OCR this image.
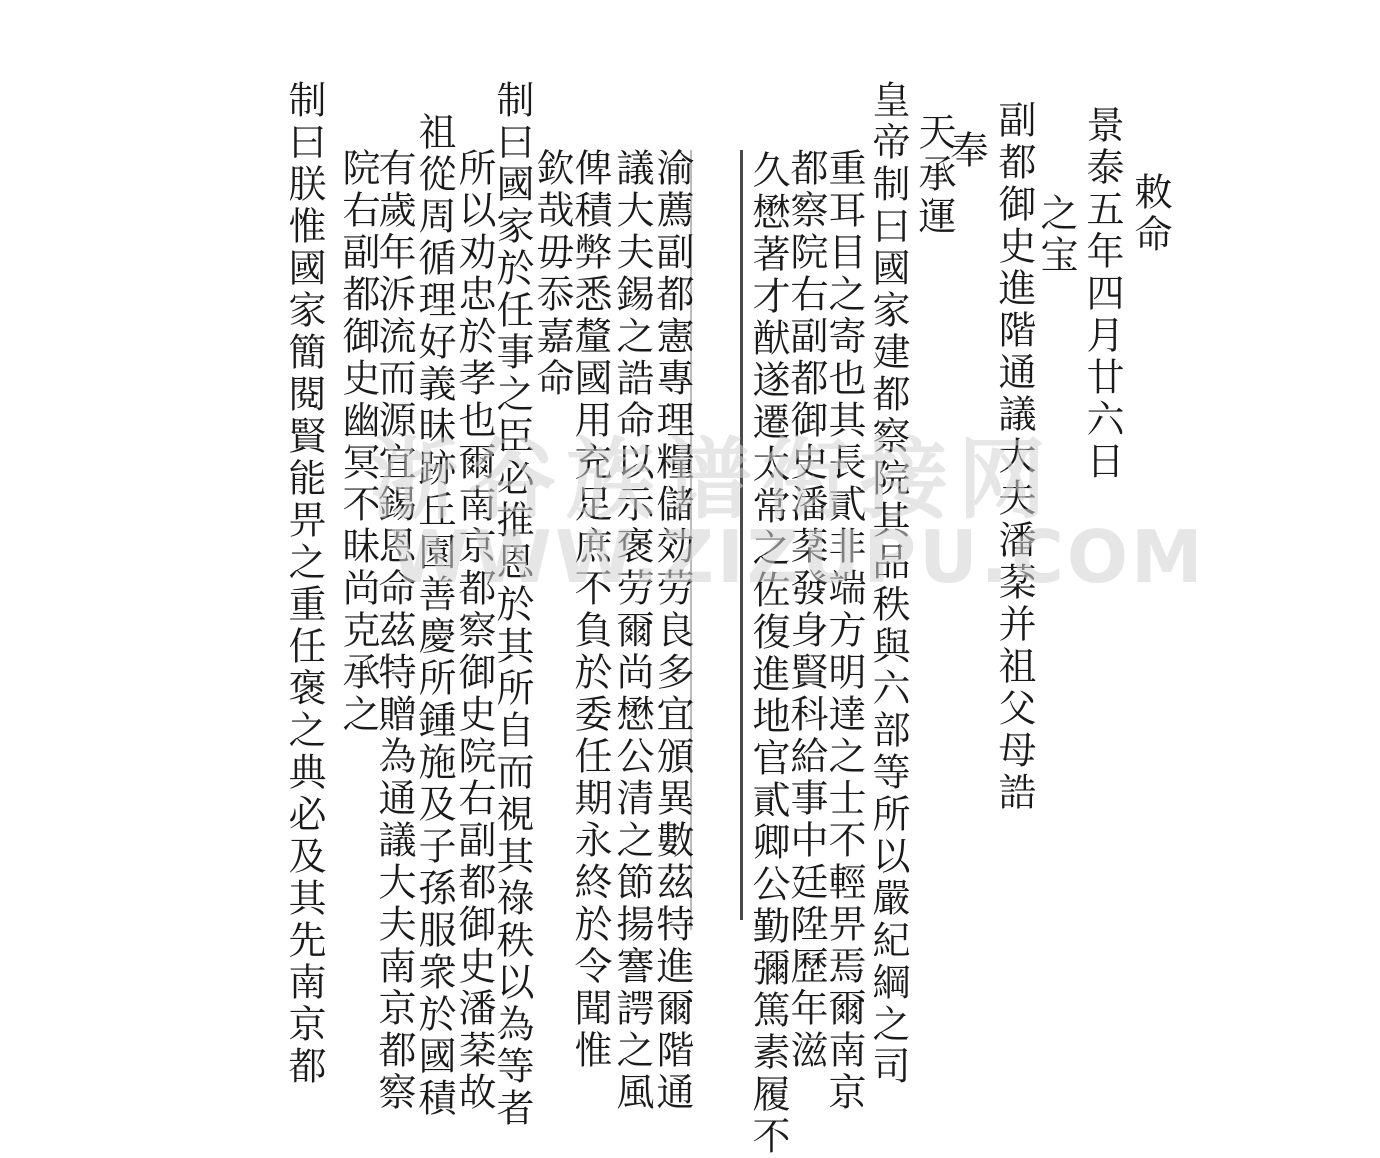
敕命
景泰五年四月廿六日
之宝
副都御史進階通議大夫潘棻并祖父母誥
奉
天承運
皇帝制曰國家建都察院其品秩與六部等所以嚴紀綱之司
重耳目之寄也其長貳非端方明達之士不輕畀焉爾南京
都察院右副都御史潘棻發身賢科給事中廷陞歷年滋
久懋著才猷遂遷太常之佐復進地官貳卿公勤彌篤素履不
渝薦副都憲專理糧儲効劳良多宜頒異數茲特進爾階通
議大夫錫之誥命以示褒劳爾尚懋公清之節揚謇諤之風
俾積弊悉釐國用充足庶不負於委任期永終於令聞惟
欽哉毋忝嘉命
制曰國家於任事之臣必推恩於其所自而視其祿秩以為等者
所以劝忠於孝也爾南京都察御史院右副都御史潘棻故
祖從周循理好義昧跡丘園善慶所鍾施及子孫服衆於國積
有歲年泝流而源宜錫恩命茲特贈為通議大夫南京都察
院右副都御史幽冥不昧尚克承之
制曰朕惟國家簡閱賢能畀之重任褒之典必及其先南京都 浙谷族谱衔接网
WWW.ZIZUPU.COM
